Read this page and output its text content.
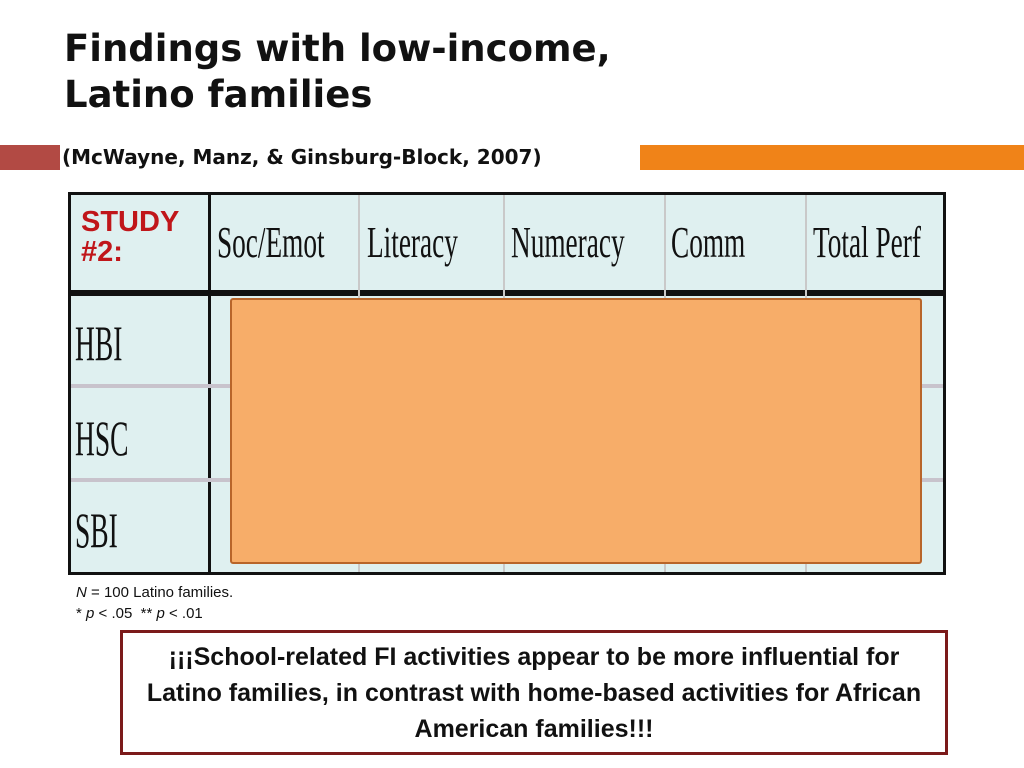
Findings with low-income,
Latino families

(McWayne, Manz, & Ginsburg-Block, 2007)

STUDY
#2:	Soc/Emot Literacy Numeracy Comm Total Perf

HBI

HSC

SBI

N = 100 Latino families.

* p < .05  ** p < .01

¡¡¡School-related FI activities appear to be more influential for Latino families, in contrast with home-based activities for African American families!!!
